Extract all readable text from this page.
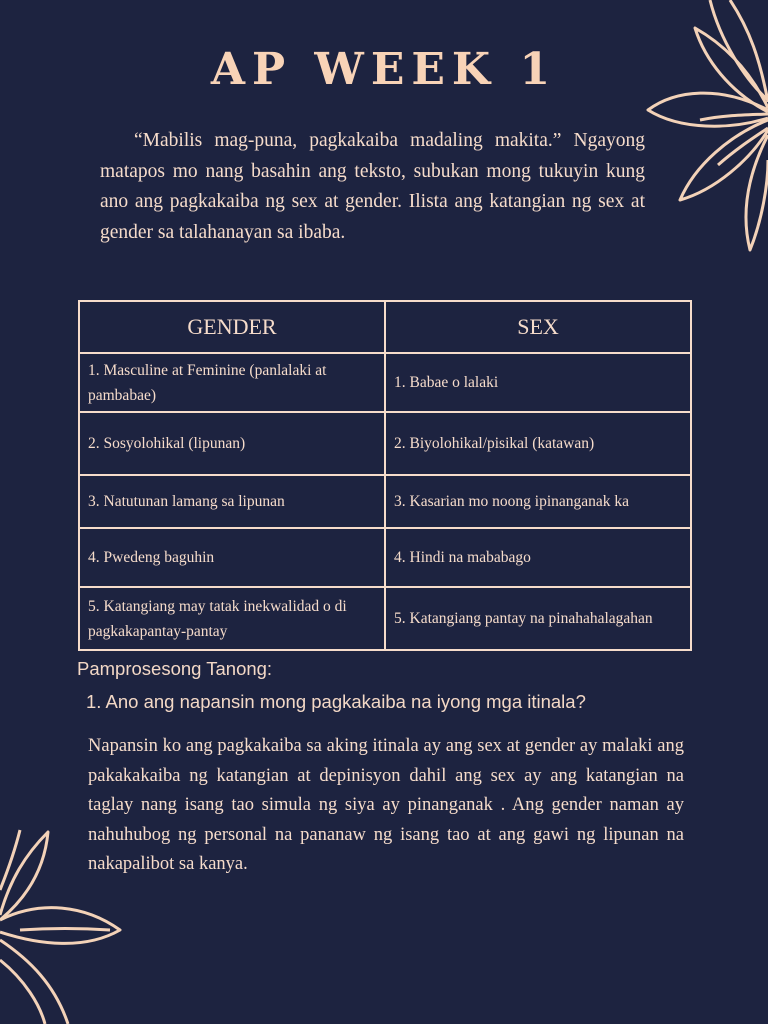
AP WEEK 1

“Mabilis mag-puna, pagkakaiba madaling makita.” Ngayong matapos mo nang basahin ang teksto, subukan mong tukuyin kung ano ang pagkakaiba ng sex at gender. Ilista ang katangian ng sex at gender sa talahanayan sa ibaba.

GENDER	SEX
1. Masculine at Feminine (panlalaki at pambabae)	1. Babae o lalaki
2. Sosyolohikal (lipunan)	2. Biyolohikal/pisikal (katawan)
3. Natutunan lamang sa lipunan	3. Kasarian mo noong ipinanganak ka
4. Pwedeng baguhin	4. Hindi na mababago
5. Katangiang may tatak inekwalidad o di pagkakapantay-pantay	5. Katangiang pantay na pinahahalagahan

Pamprosesong Tanong:

1. Ano ang napansin mong pagkakaiba na iyong mga itinala?

Napansin ko ang pagkakaiba sa aking itinala ay ang sex at gender ay malaki ang pakakakaiba ng katangian at depinisyon dahil ang sex ay ang katangian na taglay nang isang tao simula ng siya ay pinanganak . Ang gender naman ay nahuhubog ng personal na pananaw ng isang tao at ang gawi ng lipunan na nakapalibot sa kanya.
